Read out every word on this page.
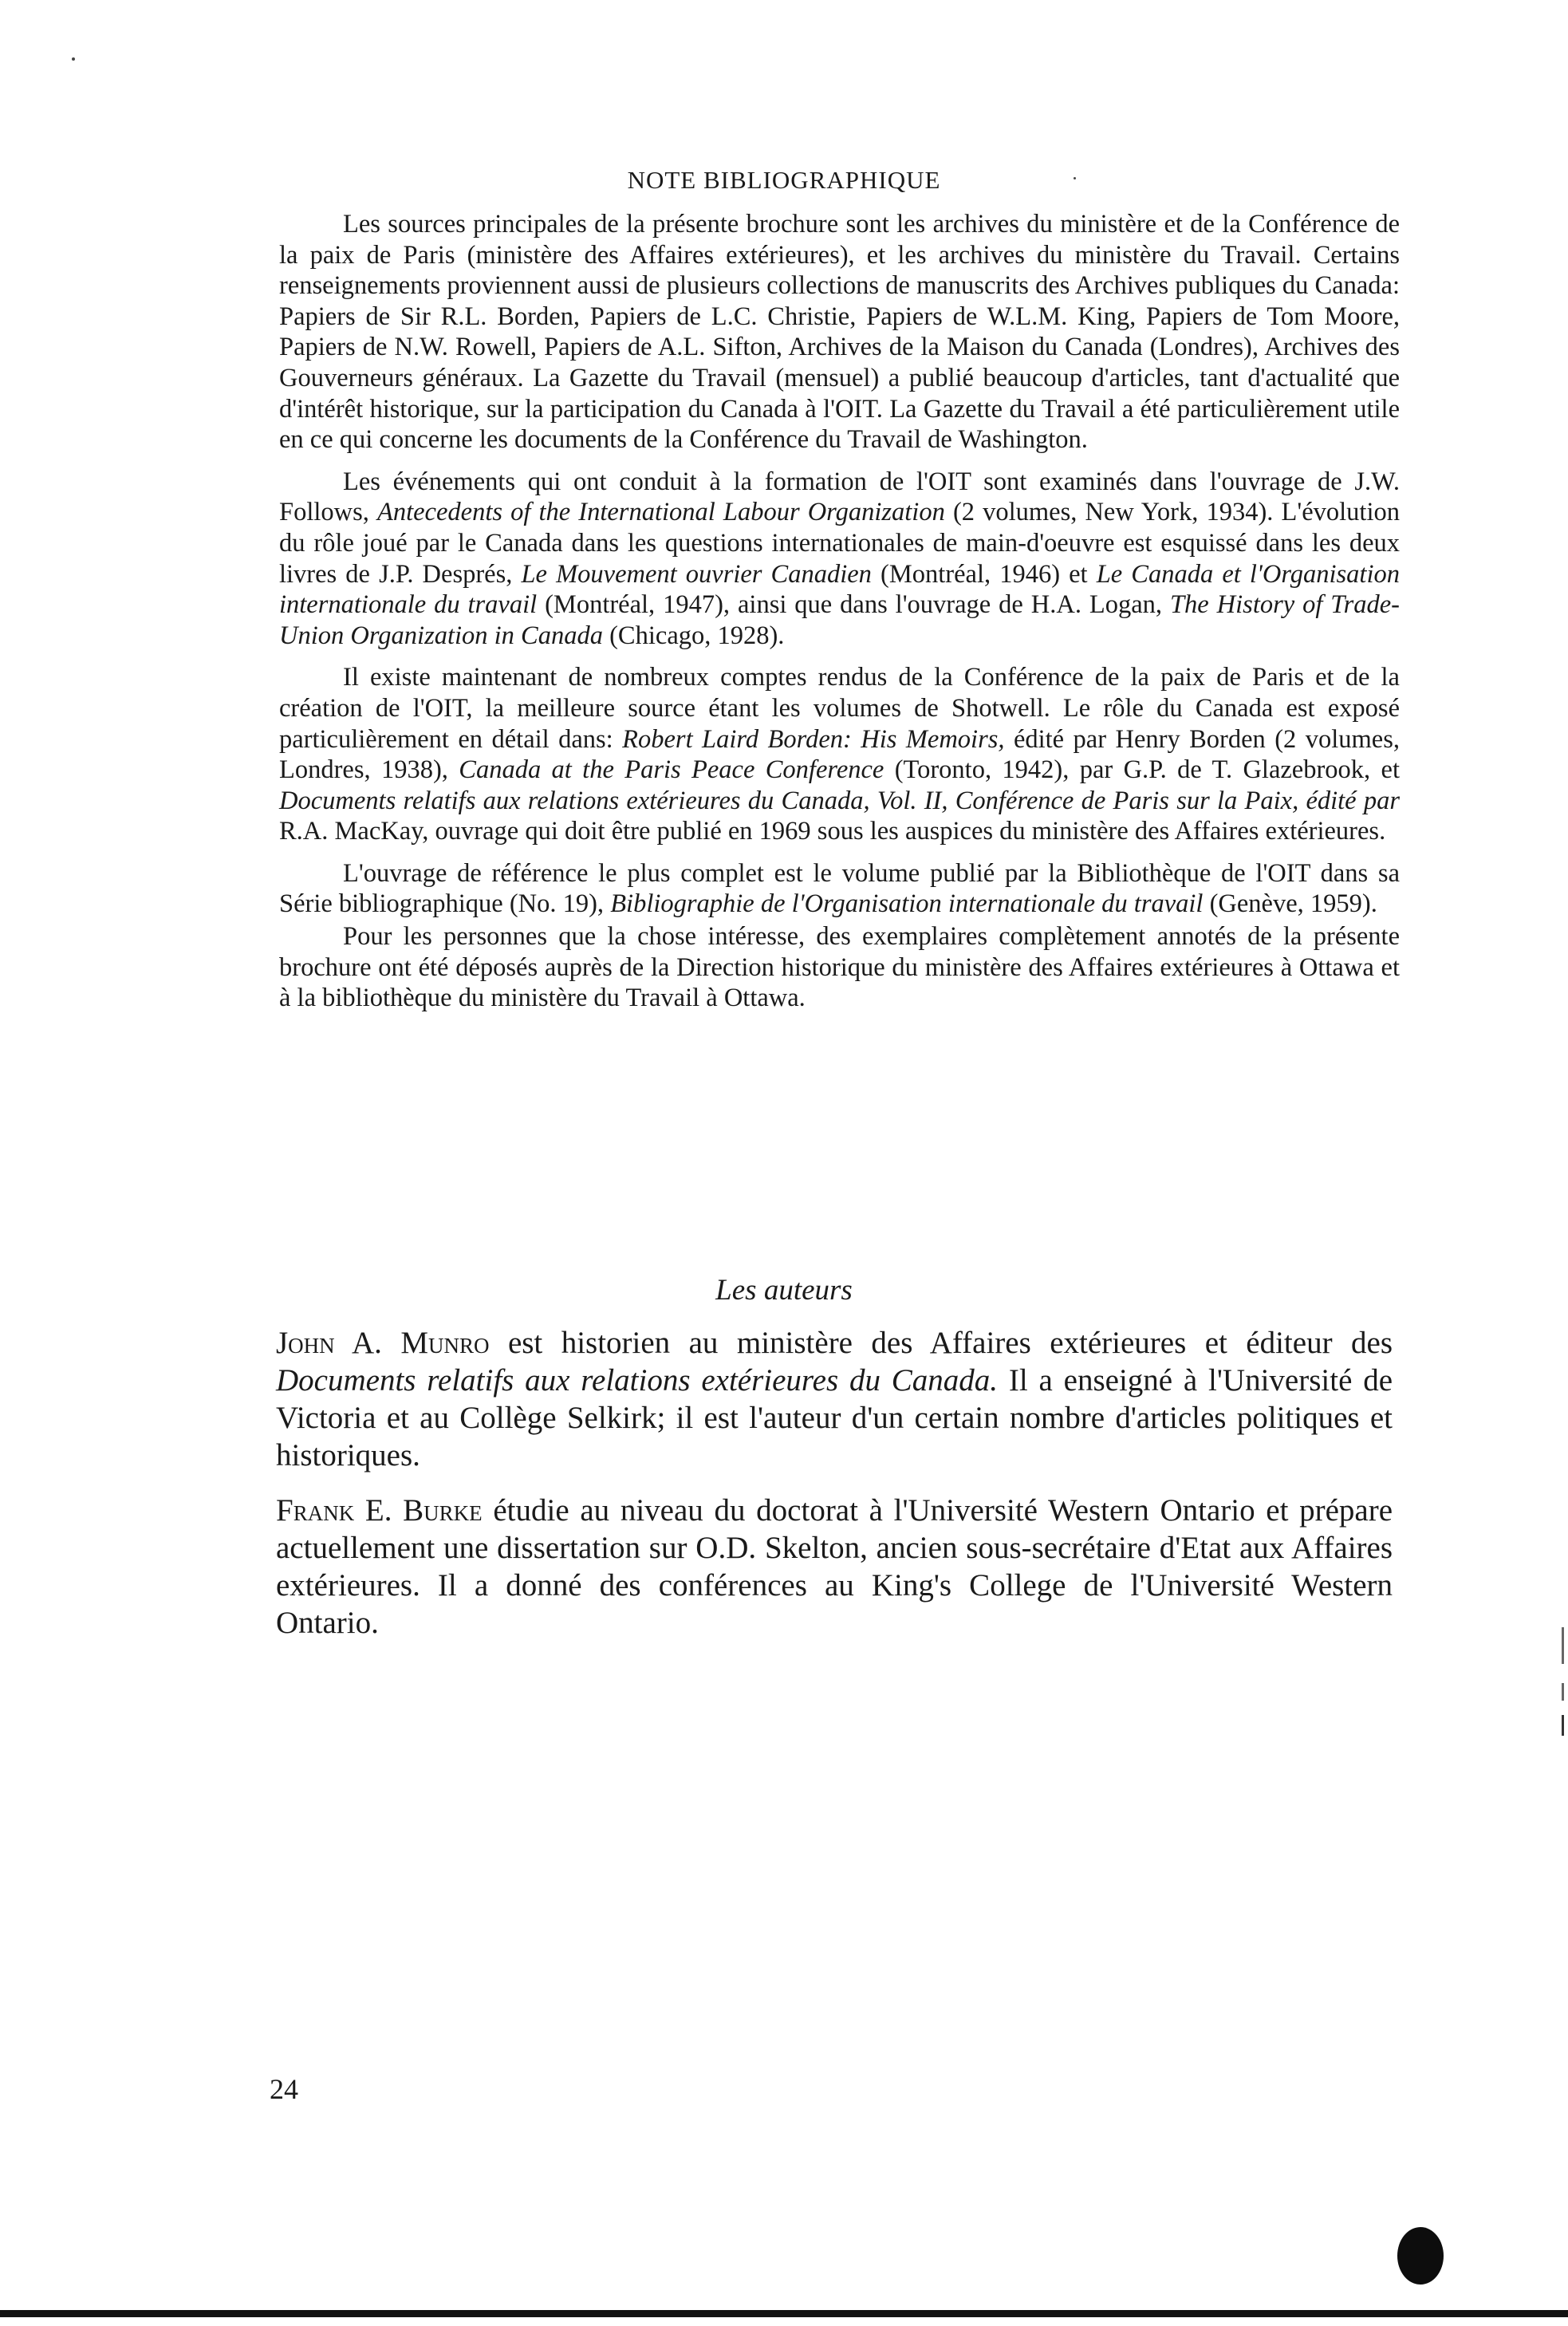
NOTE BIBLIOGRAPHIQUE

Les sources principales de la présente brochure sont les archives du ministère et de la Conférence de la paix de Paris (ministère des Affaires extérieures), et les archives du ministère du Travail. Certains renseignements proviennent aussi de plusieurs collections de manuscrits des Archives publiques du Canada: Papiers de Sir R.L. Borden, Papiers de L.C. Christie, Papiers de W.L.M. King, Papiers de Tom Moore, Papiers de N.W. Rowell, Papiers de A.L. Sifton, Archives de la Maison du Canada (Londres), Archives des Gouverneurs généraux. La Gazette du Travail (mensuel) a publié beaucoup d'articles, tant d'actualité que d'intérêt historique, sur la participation du Canada à l'OIT. La Gazette du Travail a été particulièrement utile en ce qui concerne les documents de la Conférence du Travail de Washington.

Les événements qui ont conduit à la formation de l'OIT sont examinés dans l'ouvrage de J.W. Follows, Antecedents of the International Labour Organization (2 volumes, New York, 1934). L'évolution du rôle joué par le Canada dans les questions internationales de main-d'oeuvre est esquissé dans les deux livres de J.P. Després, Le Mouvement ouvrier Canadien (Montréal, 1946) et Le Canada et l'Organisation internationale du travail (Montréal, 1947), ainsi que dans l'ouvrage de H.A. Logan, The History of Trade-Union Organization in Canada (Chicago, 1928).

Il existe maintenant de nombreux comptes rendus de la Conférence de la paix de Paris et de la création de l'OIT, la meilleure source étant les volumes de Shotwell. Le rôle du Canada est exposé particulièrement en détail dans: Robert Laird Borden: His Memoirs, édité par Henry Borden (2 volumes, Londres, 1938), Canada at the Paris Peace Conference (Toronto, 1942), par G.P. de T. Glazebrook, et Documents relatifs aux relations extérieures du Canada, Vol. II, Conférence de Paris sur la Paix, édité par R.A. MacKay, ouvrage qui doit être publié en 1969 sous les auspices du ministère des Affaires extérieures.

L'ouvrage de référence le plus complet est le volume publié par la Bibliothèque de l'OIT dans sa Série bibliographique (No. 19), Bibliographie de l'Organisation internationale du travail (Genève, 1959).

Pour les personnes que la chose intéresse, des exemplaires complètement annotés de la présente brochure ont été déposés auprès de la Direction historique du ministère des Affaires extérieures à Ottawa et à la bibliothèque du ministère du Travail à Ottawa.

Les auteurs

John A. Munro est historien au ministère des Affaires extérieures et éditeur des Documents relatifs aux relations extérieures du Canada. Il a enseigné à l'Université de Victoria et au Collège Selkirk; il est l'auteur d'un certain nombre d'articles politiques et historiques.

Frank E. Burke étudie au niveau du doctorat à l'Université Western Ontario et prépare actuellement une dissertation sur O.D. Skelton, ancien sous-secrétaire d'Etat aux Affaires extérieures. Il a donné des conférences au King's College de l'Université Western Ontario.

24
